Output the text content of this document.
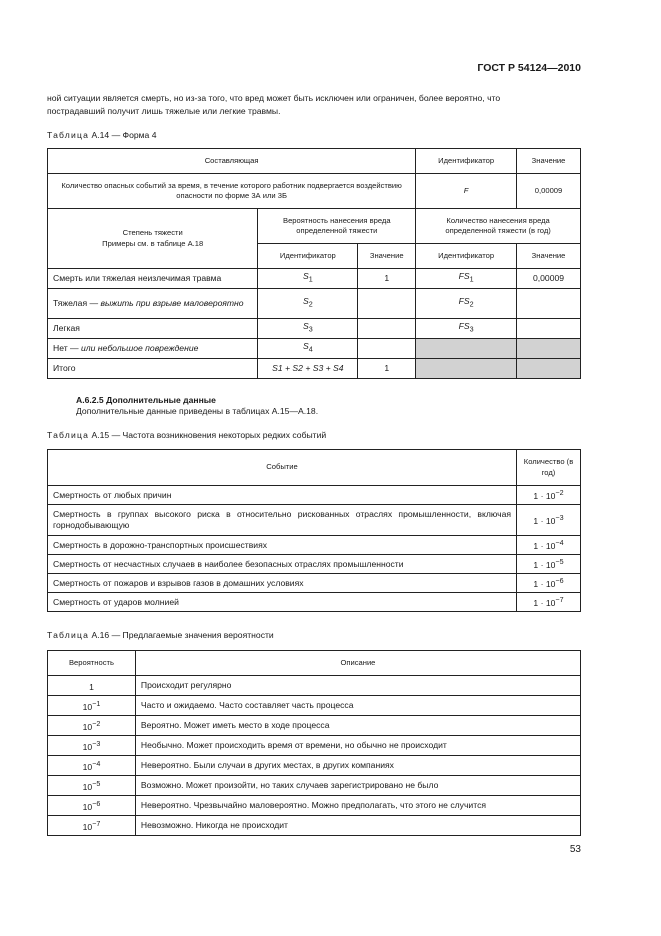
ГОСТ Р 54124—2010
ной ситуации является смерть, но из-за того, что вред может быть исключен или ограничен, более вероятно, что
пострадавший получит лишь тяжелые или легкие травмы.
Таблица А.14 — Форма 4
Составляющая			Идентификатор	Значение
Количество опасных событий за время, в течение которого работник подвергается воздействию опасности по форме 3А или 3Б			F	0,00009

Степень тяжести
Примеры см. в таблице А.18	Вероятность нанесения вреда определенной тяжести		Количество нанесения вреда определенной тяжести (в год)	
	Идентификатор	Значение	Идентификатор	Значение
Смерть или тяжелая неизлечимая травма	$S_1$	1	$FS_1$	0,00009
Тяжелая — выжить при взрыве маловероятно	$S_2$		$FS_2$	
Легкая	$S_3$		$FS_3$	
Нет — или небольшое повреждение	$S_4$			
Итого	S1 + S2 + S3 + S4	1		
А.6.2.5 Дополнительные данные
Дополнительные данные приведены в таблицах А.15—А.18.
Таблица А.15 — Частота возникновения некоторых редких событий
Событие	Количество (в год)
Смертность от любых причин	$1 \cdot 10^{-2}$
Смертность в группах высокого риска в относительно рискованных отраслях промышленности, включая горнодобывающую	$1 \cdot 10^{-3}$
Смертность в дорожно-транспортных происшествиях	$1 \cdot 10^{-4}$
Смертность от несчастных случаев в наиболее безопасных отраслях промышленности	$1 \cdot 10^{-5}$
Смертность от пожаров и взрывов газов в домашних условиях	$1 \cdot 10^{-6}$
Смертность от ударов молнией	$1 \cdot 10^{-7}$
Таблица А.16 — Предлагаемые значения вероятности
Вероятность	Описание
1	Происходит регулярно
$10^{-1}$	Часто и ожидаемо. Часто составляет часть процесса
$10^{-2}$	Вероятно. Может иметь место в ходе процесса
$10^{-3}$	Необычно. Может происходить время от времени, но обычно не происходит
$10^{-4}$	Невероятно. Были случаи в других местах, в других компаниях
$10^{-5}$	Возможно. Может произойти, но таких случаев зарегистрировано не было
$10^{-6}$	Невероятно. Чрезвычайно маловероятно. Можно предполагать, что этого не случится
$10^{-7}$	Невозможно. Никогда не происходит
53
